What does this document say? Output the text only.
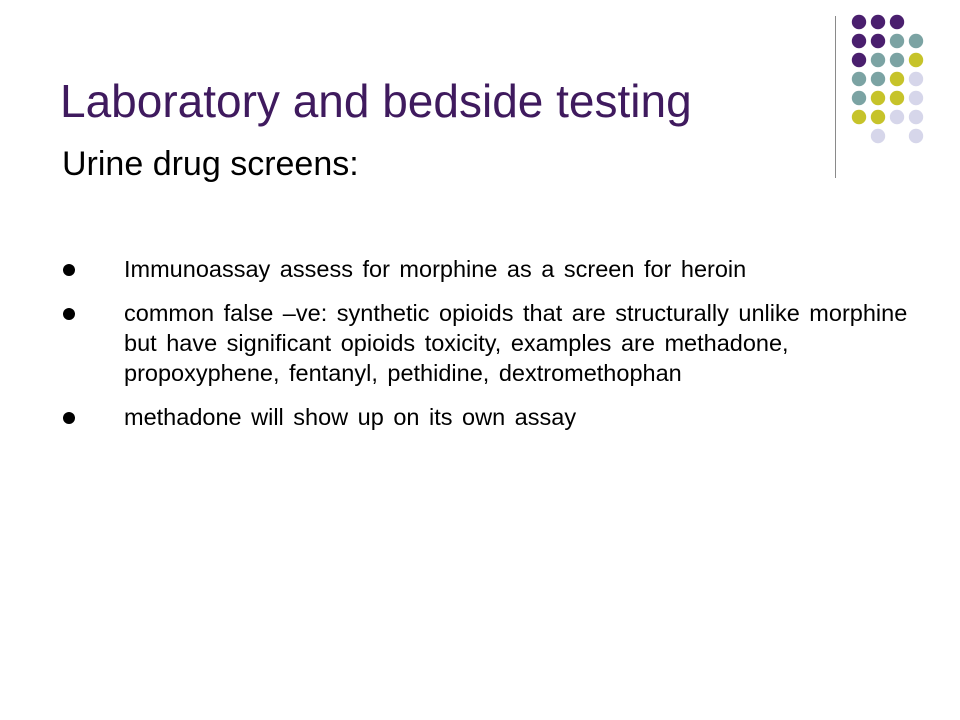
Laboratory and bedside testing
Urine drug screens:
Immunoassay assess for morphine as a screen for heroin
common false –ve: synthetic opioids that are structurally unlike morphine but have significant opioids toxicity, examples are methadone, propoxyphene, fentanyl, pethidine, dextromethophan
methadone will show up on its own assay
